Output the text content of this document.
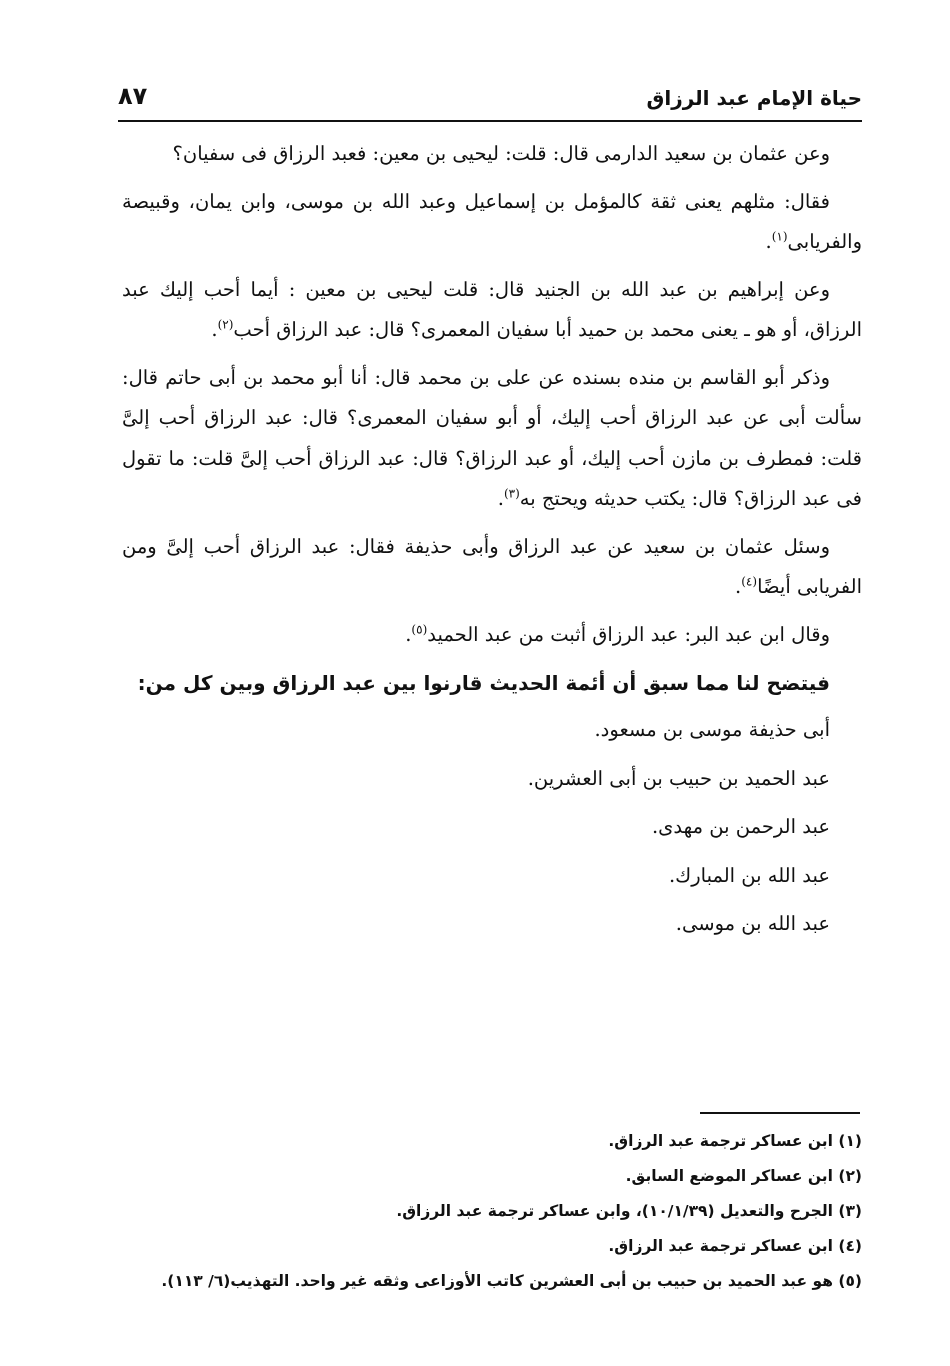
حياة الإمام عبد الرزاق
٨٧

وعن عثمان بن سعيد الدارمى قال: قلت: ليحيى بن معين: فعبد الرزاق فى سفيان؟

فقال: مثلهم يعنى ثقة كالمؤمل بن إسماعيل وعبد الله بن موسى، وابن يمان، وقبيصة والفريابى$^{(١)}$.

وعن إبراهيم بن عبد الله بن الجنيد قال: قلت ليحيى بن معين : أيما أحب إليك عبد الرزاق، أو هو ـ يعنى محمد بن حميد أبا سفيان المعمرى؟ قال: عبد الرزاق أحب$^{(٢)}$.

وذكر أبو القاسم بن منده بسنده عن على بن محمد قال: أنا أبو محمد بن أبى حاتم قال: سألت أبى عن عبد الرزاق أحب إليك، أو أبو سفيان المعمرى؟ قال: عبد الرزاق أحب إلىَّ قلت: فمطرف بن مازن أحب إليك، أو عبد الرزاق؟ قال: عبد الرزاق أحب إلىَّ قلت: ما تقول فى عبد الرزاق؟ قال: يكتب حديثه ويحتج به$^{(٣)}$.

وسئل عثمان بن سعيد عن عبد الرزاق وأبى حذيفة فقال: عبد الرزاق أحب إلىَّ ومن الفريابى أيضًا$^{(٤)}$.

وقال ابن عبد البر: عبد الرزاق أثبت من عبد الحميد$^{(٥)}$.

فيتضح لنا مما سبق أن أئمة الحديث قارنوا بين عبد الرزاق وبين كل من:

أبى حذيفة موسى بن مسعود.

عبد الحميد بن حبيب بن أبى العشرين.

عبد الرحمن بن مهدى.

عبد الله بن المبارك.

عبد الله بن موسى.

(١) ابن عساكر ترجمة عبد الرزاق.

(٢) ابن عساكر الموضع السابق.

(٣) الجرح والتعديل (١٠/١/٣٩)، وابن عساكر ترجمة عبد الرزاق.

(٤) ابن عساكر ترجمة عبد الرزاق.

(٥) هو عبد الحميد بن حبيب بن أبى العشرين كاتب الأوزاعى وثقه غير واحد. التهذيب(٦/ ١١٣).
